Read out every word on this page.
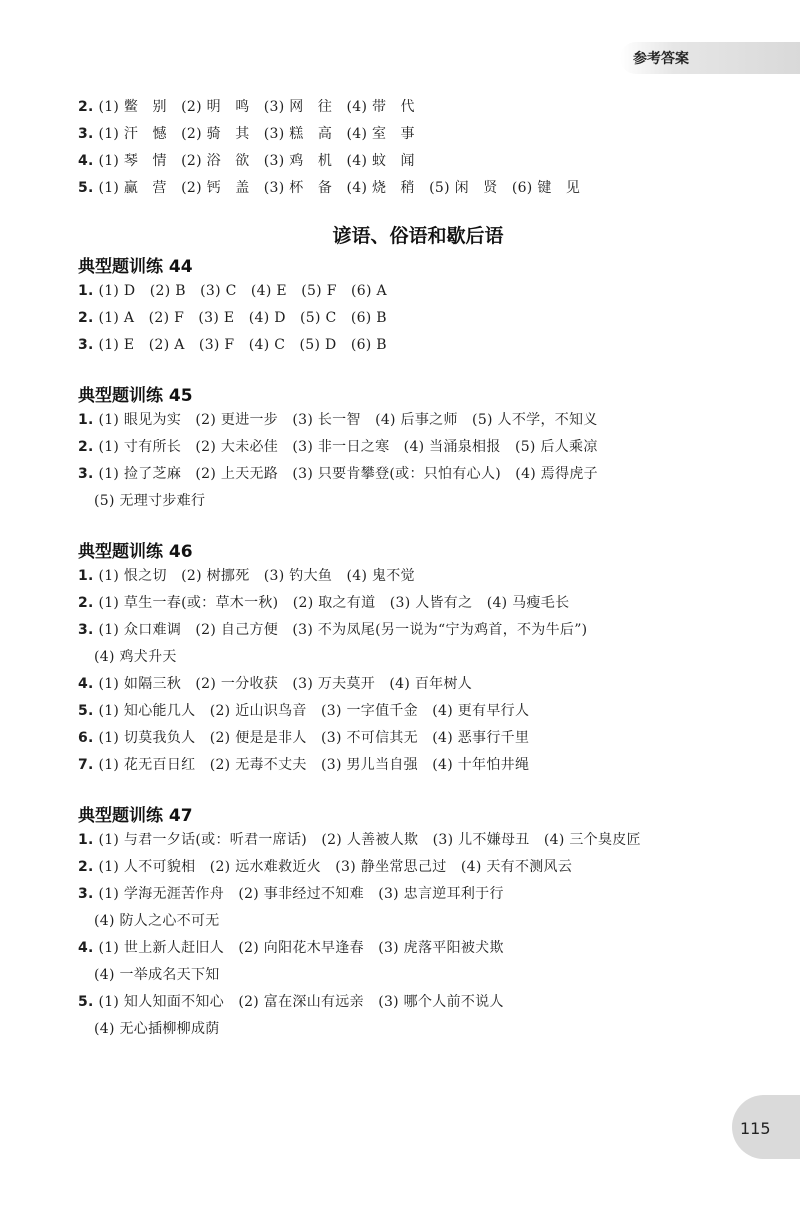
参考答案
2. (1) 鳖　别　(2) 明　鸣　(3) 网　往　(4) 带　代
3. (1) 汗　憾　(2) 骑　其　(3) 糕　高　(4) 室　事
4. (1) 琴　情　(2) 浴　欲　(3) 鸡　机　(4) 蚊　闻
5. (1) 赢　营　(2) 钙　盖　(3) 杯　备　(4) 烧　稍　(5) 闲　贤　(6) 键　见
谚语、俗语和歇后语
典型题训练 44
1. (1) D　(2) B　(3) C　(4) E　(5) F　(6) A
2. (1) A　(2) F　(3) E　(4) D　(5) C　(6) B
3. (1) E　(2) A　(3) F　(4) C　(5) D　(6) B
典型题训练 45
1. (1) 眼见为实　(2) 更进一步　(3) 长一智　(4) 后事之师　(5) 人不学，不知义
2. (1) 寸有所长　(2) 大未必佳　(3) 非一日之寒　(4) 当涌泉相报　(5) 后人乘凉
3. (1) 捡了芝麻　(2) 上天无路　(3) 只要肯攀登(或：只怕有心人)　(4) 焉得虎子
(5) 无理寸步难行
典型题训练 46
1. (1) 恨之切　(2) 树挪死　(3) 钓大鱼　(4) 鬼不觉
2. (1) 草生一春(或：草木一秋)　(2) 取之有道　(3) 人皆有之　(4) 马瘦毛长
3. (1) 众口难调　(2) 自己方便　(3) 不为凤尾(另一说为“宁为鸡首，不为牛后”)
(4) 鸡犬升天
4. (1) 如隔三秋　(2) 一分收获　(3) 万夫莫开　(4) 百年树人
5. (1) 知心能几人　(2) 近山识鸟音　(3) 一字值千金　(4) 更有早行人
6. (1) 切莫我负人　(2) 便是是非人　(3) 不可信其无　(4) 恶事行千里
7. (1) 花无百日红　(2) 无毒不丈夫　(3) 男儿当自强　(4) 十年怕井绳
典型题训练 47
1. (1) 与君一夕话(或：听君一席话)　(2) 人善被人欺　(3) 儿不嫌母丑　(4) 三个臭皮匠
2. (1) 人不可貌相　(2) 远水难救近火　(3) 静坐常思己过　(4) 天有不测风云
3. (1) 学海无涯苦作舟　(2) 事非经过不知难　(3) 忠言逆耳利于行
(4) 防人之心不可无
4. (1) 世上新人赶旧人　(2) 向阳花木早逢春　(3) 虎落平阳被犬欺
(4) 一举成名天下知
5. (1) 知人知面不知心　(2) 富在深山有远亲　(3) 哪个人前不说人
(4) 无心插柳柳成荫
115
